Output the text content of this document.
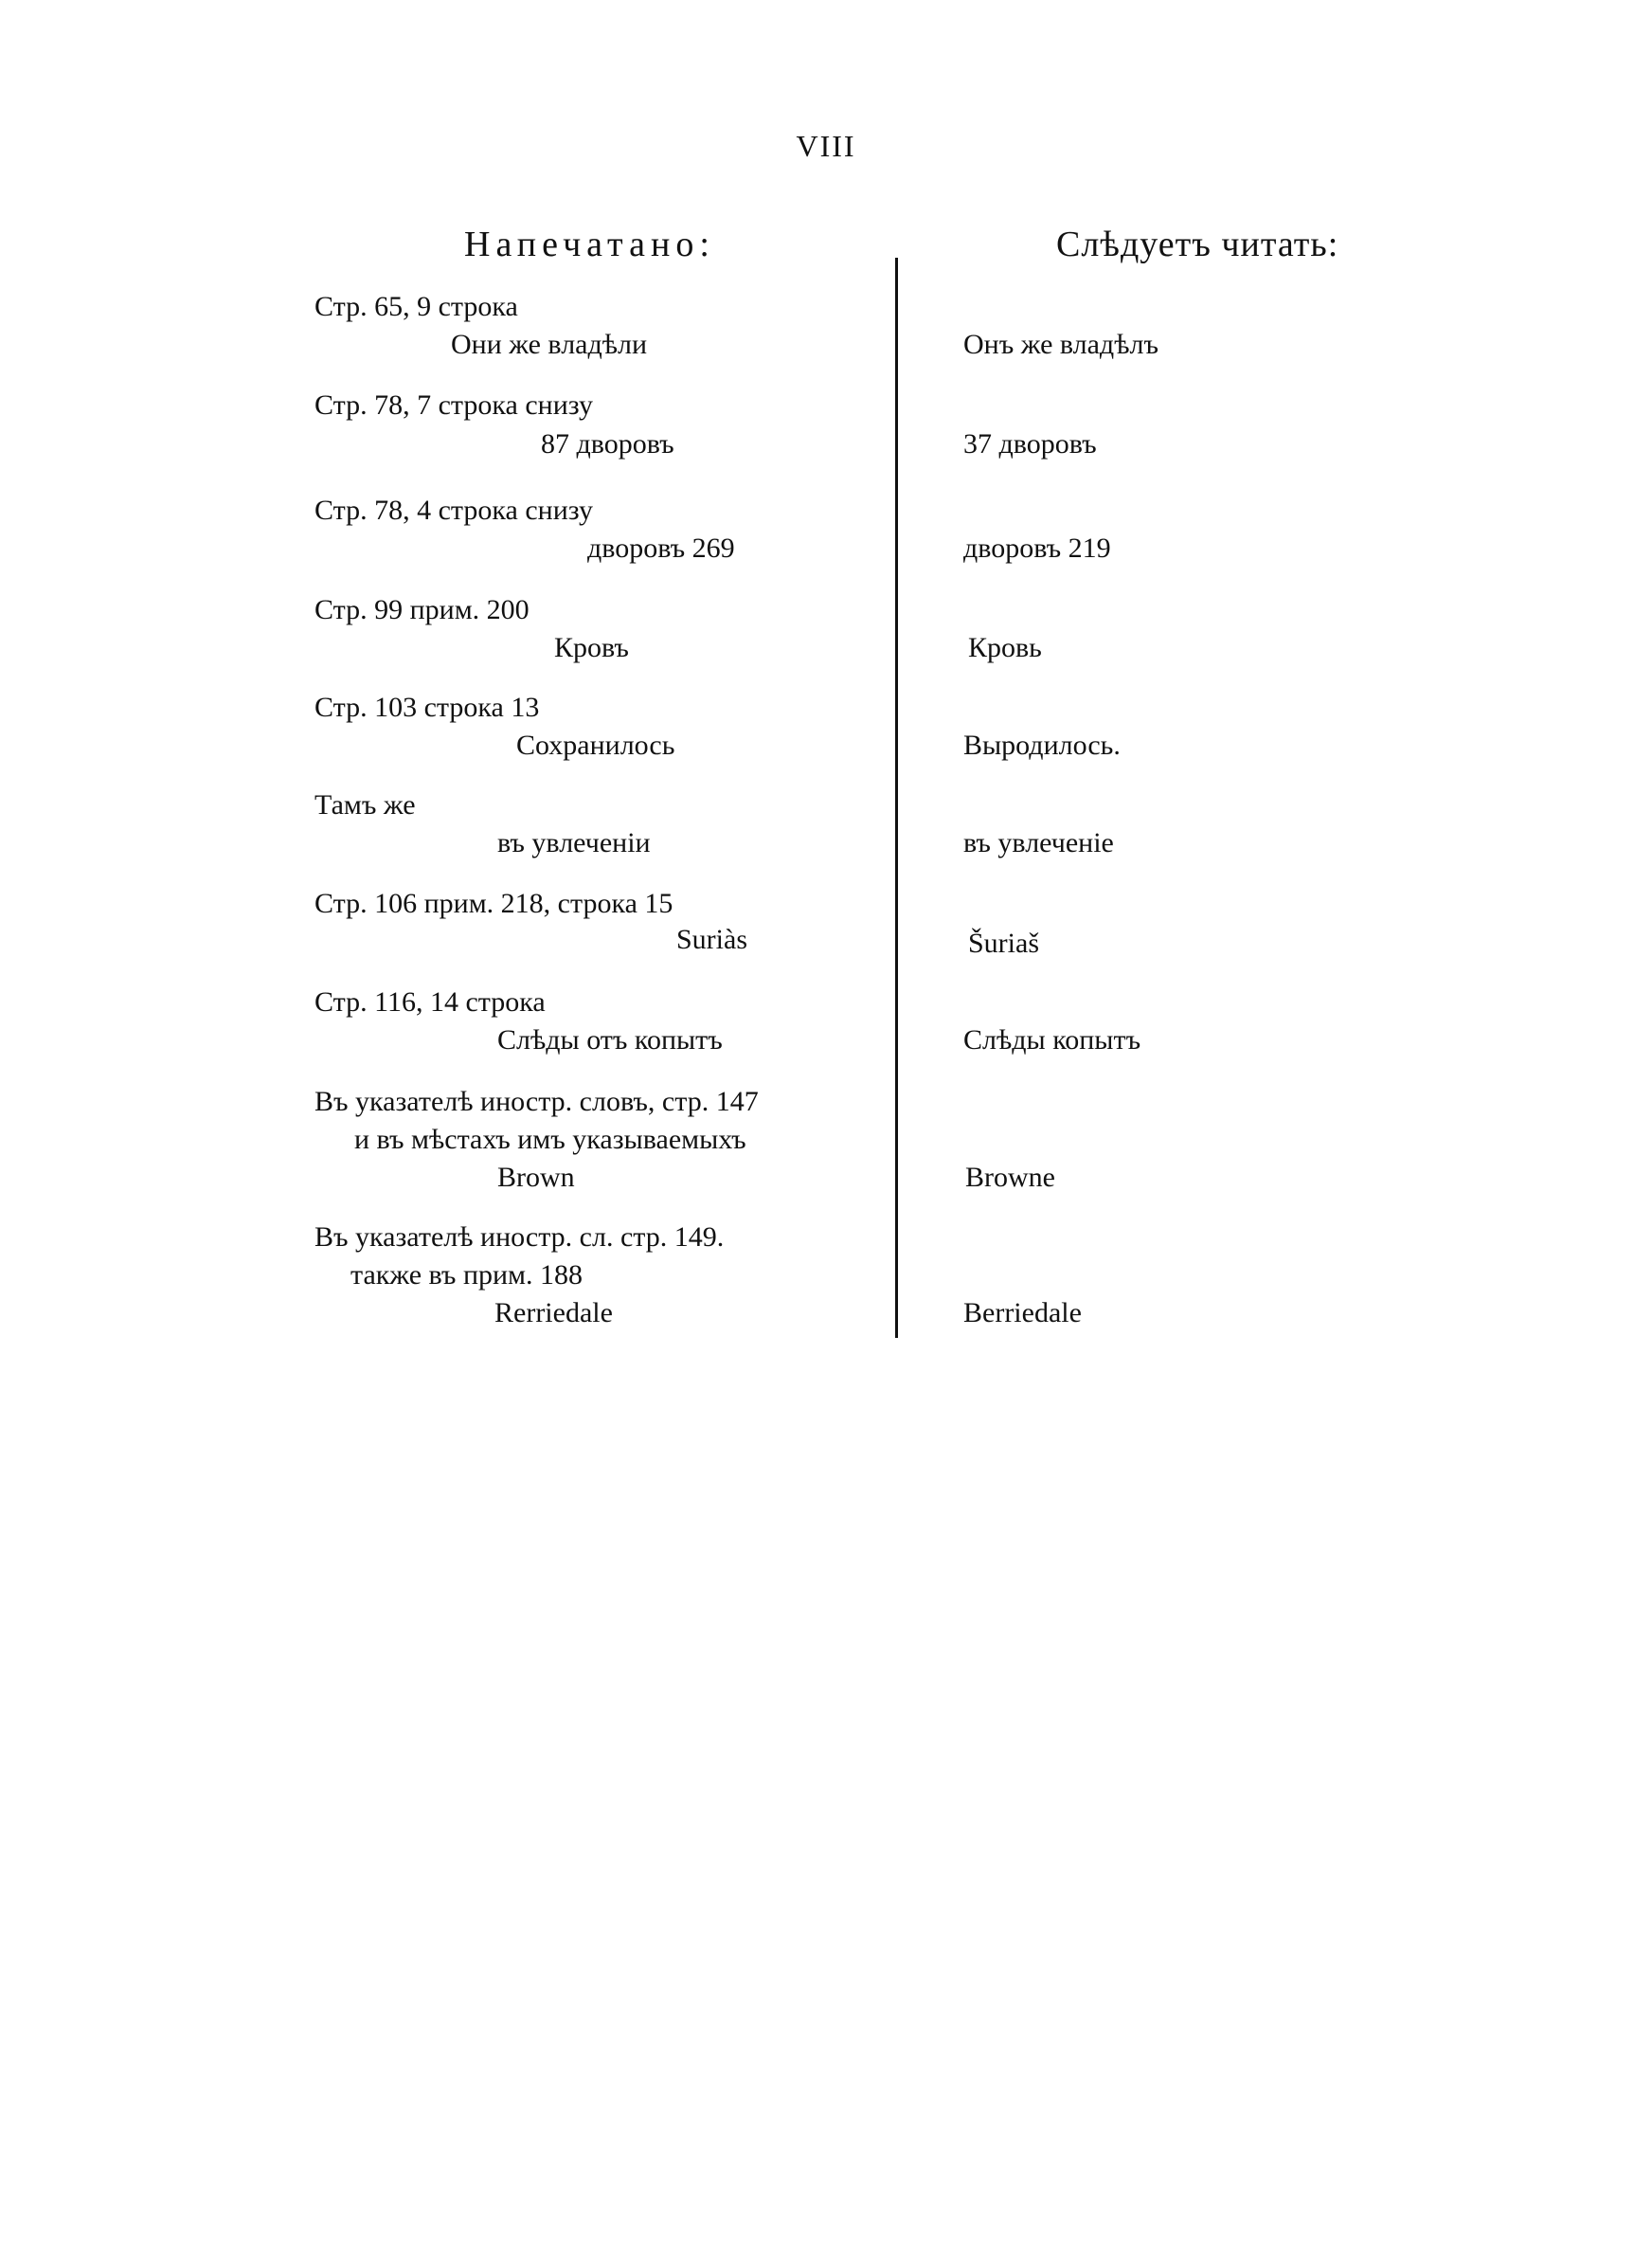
VIII
Напечатано:	Слѣдуетъ читать:
Стр. 65, 9 строка
Они же владѣли	Онъ же владѣлъ
Стр. 78, 7 строка снизу
87 дворовъ	37 дворовъ
Стр. 78, 4 строка снизу
дворовъ 269	дворовъ 219
Стр. 99 прим. 200
Кровъ	Кровь
Стр. 103 строка 13
Сохранилось	Выродилось.
Тамъ же
въ увлеченіи	въ увлеченіе
Стр. 106 прим. 218, строка 15
Suriàs	Šuriaš
Стр. 116, 14 строка
Слѣды отъ копытъ	Слѣды копытъ
Въ указателѣ иностр. словъ, стр. 147
и въ мѣстахъ имъ указываемыхъ
Brown	Browne
Въ указателѣ иностр. сл. стр. 149.
также въ прим. 188
Rerriedale	Berriedale
